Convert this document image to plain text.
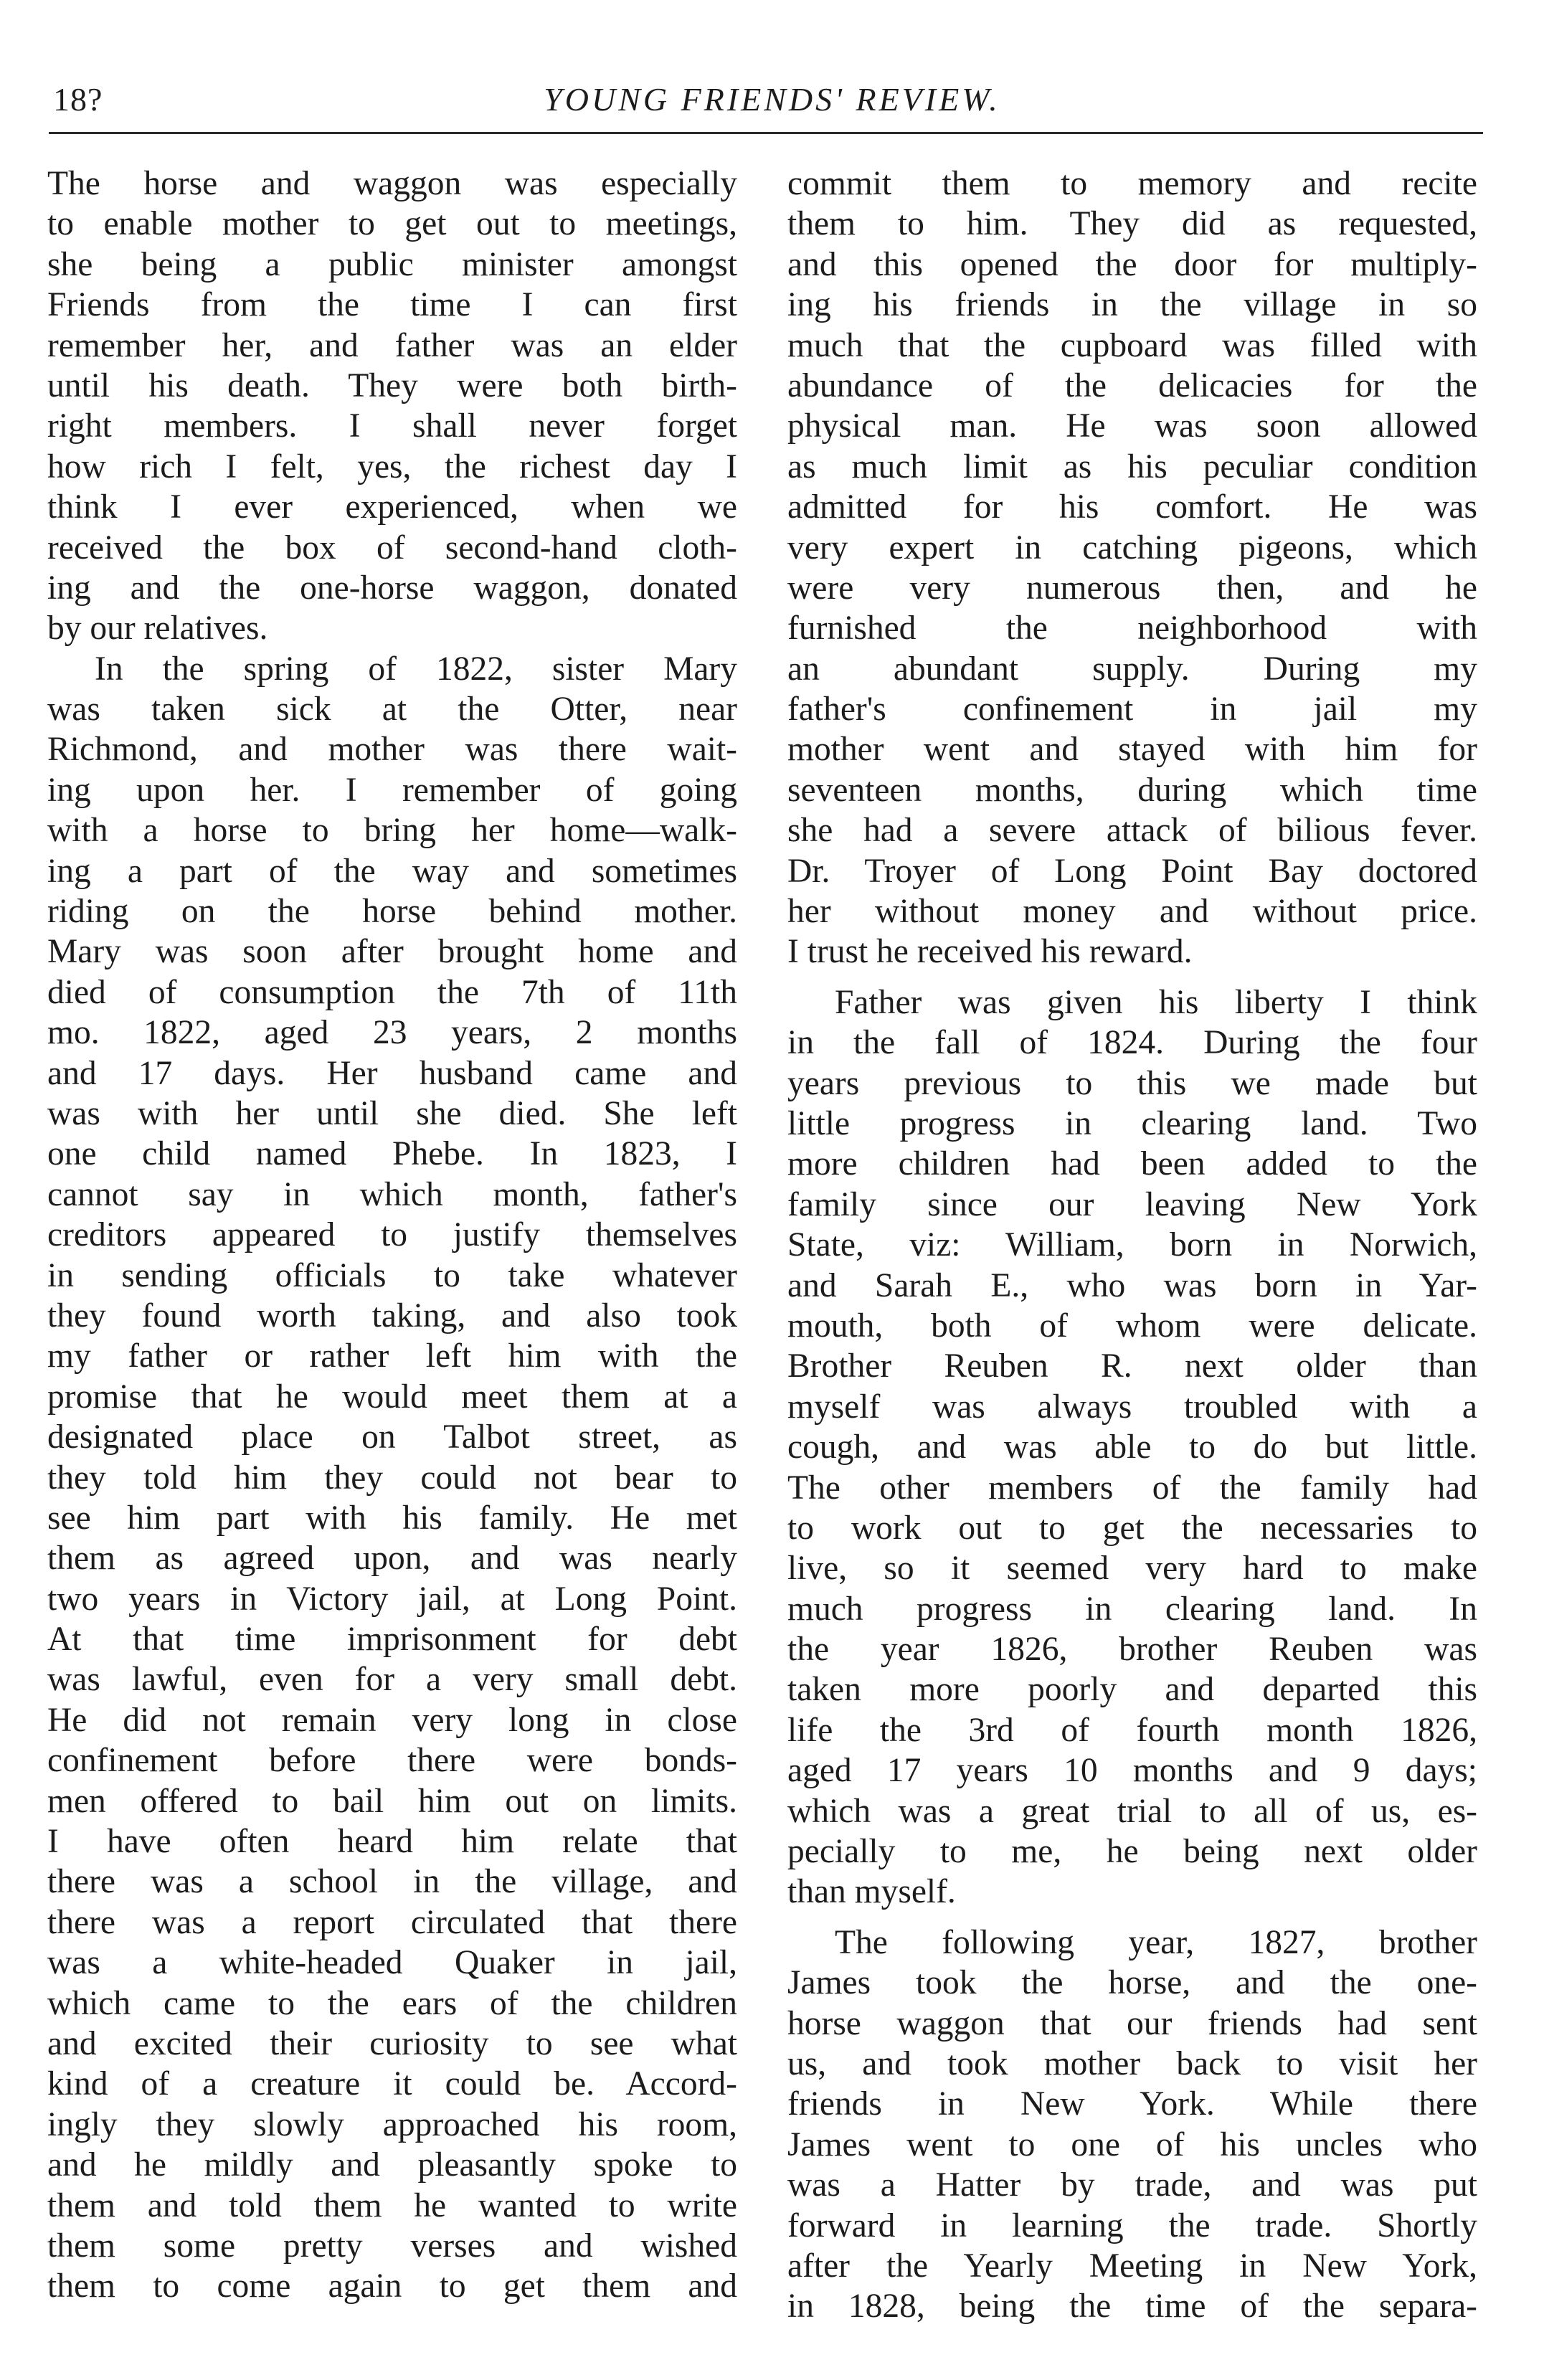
18?	YOUNG FRIENDS' REVIEW.
The horse and waggon was especially
to enable mother to get out to meetings,
she being a public minister amongst
Friends from the time I can first
remember her, and father was an elder
until his death. They were both birth-
right members. I shall never forget
how rich I felt, yes, the richest day I
think I ever experienced, when we
received the box of second-hand cloth-
ing and the one-horse waggon, donated
by our relatives.
In the spring of 1822, sister Mary
was taken sick at the Otter, near
Richmond, and mother was there wait-
ing upon her. I remember of going
with a horse to bring her home—walk-
ing a part of the way and sometimes
riding on the horse behind mother.
Mary was soon after brought home and
died of consumption the 7th of 11th
mo. 1822, aged 23 years, 2 months
and 17 days. Her husband came and
was with her until she died. She left
one child named Phebe. In 1823, I
cannot say in which month, father's
creditors appeared to justify themselves
in sending officials to take whatever
they found worth taking, and also took
my father or rather left him with the
promise that he would meet them at a
designated place on Talbot street, as
they told him they could not bear to
see him part with his family. He met
them as agreed upon, and was nearly
two years in Victory jail, at Long Point.
At that time imprisonment for debt
was lawful, even for a very small debt.
He did not remain very long in close
confinement before there were bonds-
men offered to bail him out on limits.
I have often heard him relate that
there was a school in the village, and
there was a report circulated that there
was a white-headed Quaker in jail,
which came to the ears of the children
and excited their curiosity to see what
kind of a creature it could be. Accord-
ingly they slowly approached his room,
and he mildly and pleasantly spoke to
them and told them he wanted to write
them some pretty verses and wished
them to come again to get them and
commit them to memory and recite
them to him. They did as requested,
and this opened the door for multiply-
ing his friends in the village in so
much that the cupboard was filled with
abundance of the delicacies for the
physical man. He was soon allowed
as much limit as his peculiar condition
admitted for his comfort. He was
very expert in catching pigeons, which
were very numerous then, and he
furnished the neighborhood with
an abundant supply. During my
father's confinement in jail my
mother went and stayed with him for
seventeen months, during which time
she had a severe attack of bilious fever.
Dr. Troyer of Long Point Bay doctored
her without money and without price.
I trust he received his reward.
Father was given his liberty I think
in the fall of 1824. During the four
years previous to this we made but
little progress in clearing land. Two
more children had been added to the
family since our leaving New York
State, viz: William, born in Norwich,
and Sarah E., who was born in Yar-
mouth, both of whom were delicate.
Brother Reuben R. next older than
myself was always troubled with a
cough, and was able to do but little.
The other members of the family had
to work out to get the necessaries to
live, so it seemed very hard to make
much progress in clearing land. In
the year 1826, brother Reuben was
taken more poorly and departed this
life the 3rd of fourth month 1826,
aged 17 years 10 months and 9 days;
which was a great trial to all of us, es-
pecially to me, he being next older
than myself.
The following year, 1827, brother
James took the horse, and the one-
horse waggon that our friends had sent
us, and took mother back to visit her
friends in New York. While there
James went to one of his uncles who
was a Hatter by trade, and was put
forward in learning the trade. Shortly
after the Yearly Meeting in New York,
in 1828, being the time of the separa-
